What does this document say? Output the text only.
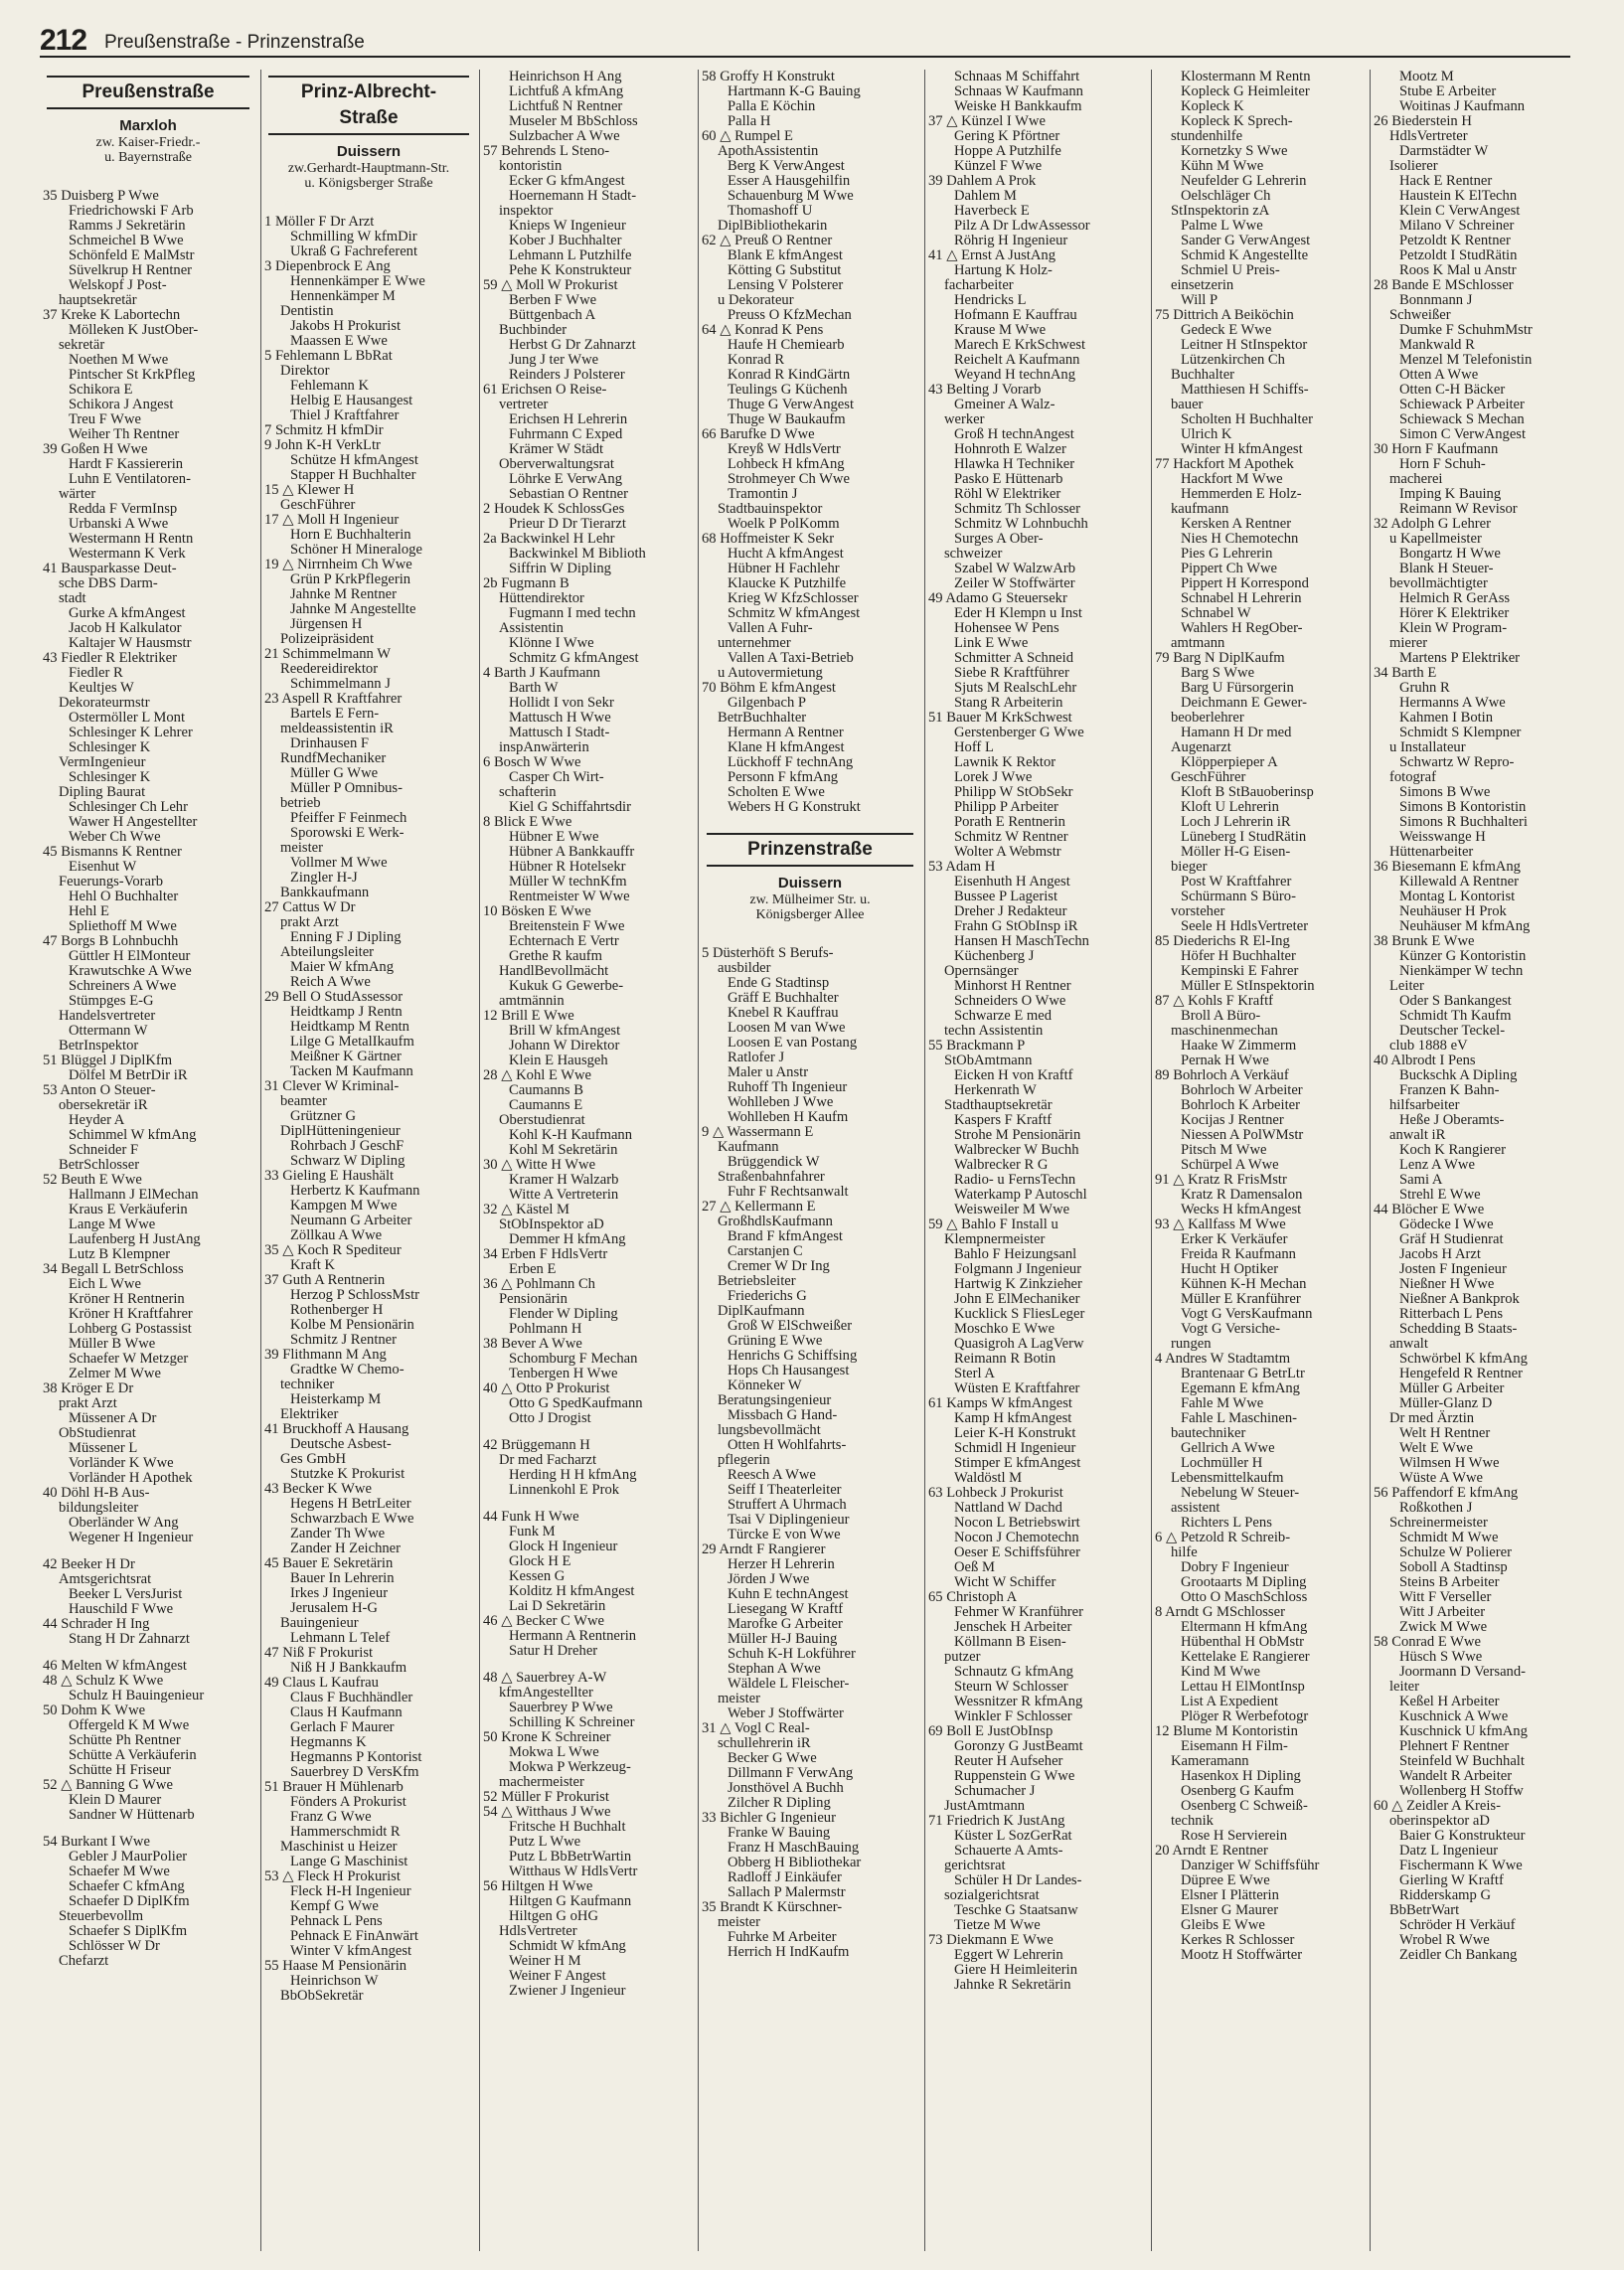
212 Preußenstraße - Prinzenstraße
Preußenstraße
Marxloh
zw. Kaiser-Friedr.-
u. Bayernstraße
35 Duisberg P Wwe
Friedrichowski F Arb
Ramms J Sekretärin
Schmeichel B Wwe
Schönfeld E MalMstr
Süvelkrup H Rentner
Welskopf J Post-
hauptsekretär
37 Kreke K Labortechn
Mölleken K JustOber-
sekretär
Noethen M Wwe
Pintscher St KrkPfleg
Schikora E
Schikora J Angest
Treu F Wwe
Weiher Th Rentner
39 Goßen H Wwe
Hardt F Kassiererin
Luhn E Ventilatoren-
wärter
Redda F VermInsp
Urbanski A Wwe
Westermann H Rentn
Westermann K Verk
41 Bausparkasse Deut-
sche DBS Darm-
stadt
Gurke A kfmAngest
Jacob H Kalkulator
Kaltajer W Hausmstr
43 Fiedler R Elektriker
Fiedler R
Keultjes W
Dekorateurmstr
Ostermöller L Mont
Schlesinger K Lehrer
Schlesinger K
VermIngenieur
Schlesinger K
Dipling Baurat
Schlesinger Ch Lehr
Wawer H Angestellter
Weber Ch Wwe
45 Bismanns K Rentner
Eisenhut W
Feuerungs-Vorarb
Hehl O Buchhalter
Hehl E
Spliethoff M Wwe
47 Borgs B Lohnbuchh
Güttler H ElMonteur
Krawutschke A Wwe
Schreiners A Wwe
Stümpges E-G
Handelsvertreter
Ottermann W
BetrInspektor
51 Blüggel J DiplKfm
Dölfel M BetrDir iR
53 Anton O Steuer-
obersekretär iR
Heyder A
Schimmel W kfmAng
Schneider F
BetrSchlosser
52 Beuth E Wwe
Hallmann J ElMechan
Kraus E Verkäuferin
Lange M Wwe
Laufenberg H JustAng
Lutz B Klempner
34 Begall L BetrSchloss
Eich L Wwe
Kröner H Rentnerin
Kröner H Kraftfahrer
Lohberg G Postassist
Müller B Wwe
Schaefer W Metzger
Zelmer M Wwe
38 Kröger E Dr
prakt Arzt
Müssener A Dr
ObStudienrat
Müssener L
Vorländer K Wwe
Vorländer H Apothek
40 Döhl H-B Aus-
bildungsleiter
Oberländer W Ang
Wegener H Ingenieur
42 Beeker H Dr
Amtsgerichtsrat
Beeker L VersJurist
Hauschild F Wwe
44 Schrader H Ing
Stang H Dr Zahnarzt
46 Melten W kfmAngest
48 △ Schulz K Wwe
Schulz H Bauingenieur
50 Dohm K Wwe
Offergeld K M Wwe
Schütte Ph Rentner
Schütte A Verkäuferin
Schütte H Friseur
52 △ Banning G Wwe
Klein D Maurer
Sandner W Hüttenarb
54 Burkant I Wwe
Gebler J MaurPolier
Schaefer M Wwe
Schaefer C kfmAng
Schaefer D DiplKfm
Steuerbevollm
Schaefer S DiplKfm
Schlösser W Dr
Chefarzt
Prinz-Albrecht-Straße
Duissern
zw.Gerhardt-Hauptmann-Str.
u. Königsberger Straße
1 Möller F Dr Arzt
Schmilling W kfmDir
Ukraß G Fachreferent
3 Diepenbrock E Ang
Hennenkämper E Wwe
Hennenkämper M
Dentistin
Jakobs H Prokurist
Maassen E Wwe
5 Fehlemann L BbRat
Direktor
Fehlemann K
Helbig E Hausangest
Thiel J Kraftfahrer
7 Schmitz H kfmDir
9 John K-H VerkLtr
Schütze H kfmAngest
Stapper H Buchhalter
15 △ Klewer H
GeschFührer
17 △ Moll H Ingenieur
Horn E Buchhalterin
Schöner H Mineraloge
19 △ Nirrnheim Ch Wwe
Grün P KrkPflegerin
Jahnke M Rentner
Jahnke M Angestellte
Jürgensen H
Polizeipräsident
21 Schimmelmann W
Reedereidirektor
Schimmelmann J
23 Aspell R Kraftfahrer
Bartels E Fern-
meldeassistentin iR
Drinhausen F
RundfMechaniker
Müller G Wwe
Müller P Omnibus-
betrieb
Pfeiffer F Feinmech
Sporowski E Werk-
meister
Vollmer M Wwe
Zingler H-J
Bankkaufmann
27 Cattus W Dr
prakt Arzt
Enning F J Dipling
Abteilungsleiter
Maier W kfmAng
Reich A Wwe
29 Bell O StudAssessor
Heidtkamp J Rentn
Heidtkamp M Rentn
Lilge G MetalIkaufm
Meißner K Gärtner
Tacken M Kaufmann
31 Clever W Kriminal-
beamter
Grützner G
DiplHütteningenieur
Rohrbach J GeschF
Schwarz W Dipling
33 Gieling E Haushält
Herbertz K Kaufmann
Kampgen M Wwe
Neumann G Arbeiter
Zöllkau A Wwe
35 △ Koch R Spediteur
Kraft K
37 Guth A Rentnerin
Herzog P SchlossMstr
Rothenberger H
Kolbe M Pensionärin
Schmitz J Rentner
39 Flithmann M Ang
Gradtke W Chemo-
techniker
Heisterkamp M
Elektriker
41 Bruckhoff A Hausang
Deutsche Asbest-
Ges GmbH
Stutzke K Prokurist
43 Becker K Wwe
Hegens H BetrLeiter
Schwarzbach E Wwe
Zander Th Wwe
Zander H Zeichner
45 Bauer E Sekretärin
Bauer In Lehrerin
Irkes J Ingenieur
Jerusalem H-G
Bauingenieur
Lehmann L Telef
47 Niß F Prokurist
Niß H J Bankkaufm
49 Claus L Kaufrau
Claus F Buchhändler
Claus H Kaufmann
Gerlach F Maurer
Hegmanns K
Hegmanns P Kontorist
Sauerbrey D VersKfm
51 Brauer H Mühlenarb
Fönders A Prokurist
Franz G Wwe
Hammerschmidt R
Maschinist u Heizer
Lange G Maschinist
53 △ Fleck H Prokurist
Fleck H-H Ingenieur
Kempf G Wwe
Pehnack L Pens
Pehnack E FinAnwärt
Winter V kfmAngest
55 Haase M Pensionärin
Heinrichson W
BbObSekretär
Heinrichson H Ang
Lichtfuß A kfmAng
Lichtfuß N Rentner
Museler M BbSchloss
Sulzbacher A Wwe
57 Behrends L Steno-
kontoristin
Ecker G kfmAngest
Hoernemann H Stadt-
inspektor
Knieps W Ingenieur
Kober J Buchhalter
Lehmann L Putzhilfe
Pehe K Konstrukteur
59 △ Moll W Prokurist
Berben F Wwe
Büttgenbach A
Buchbinder
Herbst G Dr Zahnarzt
Jung J ter Wwe
Reinders J Polsterer
61 Erichsen O Reise-
vertreter
Erichsen H Lehrerin
Fuhrmann C Exped
Krämer W Städt
Oberverwaltungsrat
Löhrke E VerwAng
Sebastian O Rentner
2 Houdek K SchlossGes
Prieur D Dr Tierarzt
2a Backwinkel H Lehr
Backwinkel M Biblioth
Siffrin W Dipling
2b Fugmann B
Hüttendirektor
Fugmann I med techn
Assistentin
Klönne I Wwe
Schmitz G kfmAngest
4 Barth J Kaufmann
Barth W
Hollidt I von Sekr
Mattusch H Wwe
Mattusch I Stadt-
inspAnwärterin
6 Bosch W Wwe
Casper Ch Wirt-
schafterin
Kiel G Schiffahrtsdir
8 Blick E Wwe
Hübner E Wwe
Hübner A Bankkauffr
Hübner R Hotelsekr
Müller W technKfm
Rentmeister W Wwe
10 Bösken E Wwe
Breitenstein F Wwe
Echternach E Vertr
Grethe R kaufm
HandlBevollmächt
Kukuk G Gewerbe-
amtmännin
12 Brill E Wwe
Brill W kfmAngest
Johann W Direktor
Klein E Hausgeh
28 △ Kohl E Wwe
Caumanns B
Caumanns E
Oberstudienrat
Kohl K-H Kaufmann
Kohl M Sekretärin
30 △ Witte H Wwe
Kramer H Walzarb
Witte A Vertreterin
32 △ Kästel M
StObInspektor aD
Demmer H kfmAng
34 Erben F HdlsVertr
Erben E
36 △ Pohlmann Ch
Pensionärin
Flender W Dipling
Pohlmann H
38 Bever A Wwe
Schomburg F Mechan
Tenbergen H Wwe
40 △ Otto P Prokurist
Otto G SpedKaufmann
Otto J Drogist
42 Brüggemann H
Dr med Facharzt
Herding H H kfmAng
Linnenkohl E Prok
44 Funk H Wwe
Funk M
Glock H Ingenieur
Glock H E
Kessen G
Kolditz H kfmAngest
Lai D Sekretärin
46 △ Becker C Wwe
Hermann A Rentnerin
Satur H Dreher
48 △ Sauerbrey A-W
kfmAngestellter
Sauerbrey P Wwe
Schilling K Schreiner
50 Krone K Schreiner
Mokwa L Wwe
Mokwa P Werkzeug-
machermeister
52 Müller F Prokurist
54 △ Witthaus J Wwe
Fritsche H Buchhalt
Putz L Wwe
Putz L BbBetrWartin
Witthaus W HdlsVertr
56 Hiltgen H Wwe
Hiltgen G Kaufmann
Hiltgen G oHG
HdlsVertreter
Schmidt W kfmAng
Weiner H M
Weiner F Angest
Zwiener J Ingenieur
58 Groffy H Konstrukt
Hartmann K-G Bauing
Palla E Köchin
Palla H
60 △ Rumpel E
ApothAssistentin
Berg K VerwAngest
Esser A Hausgehilfin
Schauenburg M Wwe
Thomashoff U
DiplBibliothekarin
62 △ Preuß O Rentner
Blank E kfmAngest
Kötting G Substitut
Lensing V Polsterer
u Dekorateur
Preuss O KfzMechan
64 △ Konrad K Pens
Haufe H Chemiearb
Konrad R
Konrad R KindGärtn
Teulings G Küchenh
Thuge G VerwAngest
Thuge W Baukaufm
66 Barufke D Wwe
Kreyß W HdlsVertr
Lohbeck H kfmAng
Strohmeyer Ch Wwe
Tramontin J
Stadtbauinspektor
Woelk P PolKomm
68 Hoffmeister K Sekr
Hucht A kfmAngest
Hübner H Fachlehr
Klaucke K Putzhilfe
Krieg W KfzSchlosser
Schmitz W kfmAngest
Vallen A Fuhr-
unternehmer
Vallen A Taxi-Betrieb
u Autovermietung
70 Böhm E kfmAngest
Gilgenbach P
BetrBuchhalter
Hermann A Rentner
Klane H kfmAngest
Lückhoff F technAng
Personn F kfmAng
Scholten E Wwe
Webers H G Konstrukt
Prinzenstraße
Duissern
zw. Mülheimer Str. u.
Königsberger Allee
5 Düsterhöft S Berufs-
ausbilder
Ende G Stadtinsp
Gräff E Buchhalter
Knebel R Kauffrau
Loosen M van Wwe
Loosen E van Postang
Ratlofer J
Maler u Anstr
Ruhoff Th Ingenieur
Wohlleben J Wwe
Wohlleben H Kaufm
9 △ Wassermann E
Kaufmann
Brüggendick W
Straßenbahnfahrer
Fuhr F Rechtsanwalt
27 △ Kellermann E
GroßhdlsKaufmann
Brand F kfmAngest
Carstanjen C
Cremer W Dr Ing
Betriebsleiter
Friederichs G
DiplKaufmann
Groß W ElSchweißer
Grüning E Wwe
Henrichs G Schiffsing
Hops Ch Hausangest
Könneker W
Beratungsingenieur
Missbach G Hand-
lungsbevollmächt
Otten H Wohlfahrts-
pflegerin
Reesch A Wwe
Seiff I Theaterleiter
Struffert A Uhrmach
Tsai V Diplingenieur
Türcke E von Wwe
29 Arndt F Rangierer
Herzer H Lehrerin
Jörden J Wwe
Kuhn E technAngest
Liesegang W Kraftf
Marofke G Arbeiter
Müller H-J Bauing
Schuh K-H Lokführer
Stephan A Wwe
Wäldele L Fleischer-
meister
Weber J Stoffwärter
31 △ Vogl C Real-
schullehrerin iR
Becker G Wwe
Dillmann F VerwAng
Jonsthövel A Buchh
Zilcher R Dipling
33 Bichler G Ingenieur
Franke W Bauing
Franz H MaschBauing
Obberg H Bibliothekar
Radloff J Einkäufer
Sallach P Malermstr
35 Brandt K Kürschner-
meister
Fuhrke M Arbeiter
Herrich H IndKaufm
Schnaas M Schiffahrt
Schnaas W Kaufmann
Weiske H Bankkaufm
37 △ Künzel I Wwe
Gering K Pförtner
Hoppe A Putzhilfe
Künzel F Wwe
39 Dahlem A Prok
Dahlem M
Haverbeck E
Pilz A Dr LdwAssessor
Röhrig H Ingenieur
41 △ Ernst A JustAng
Hartung K Holz-
facharbeiter
Hendricks L
Hofmann E Kauffrau
Krause M Wwe
Marech E KrkSchwest
Reichelt A Kaufmann
Weyand H technAng
43 Belting J Vorarb
Gmeiner A Walz-
werker
Groß H technAngest
Hohnroth E Walzer
Hlawka H Techniker
Pasko E Hüttenarb
Röhl W Elektriker
Schmitz Th Schlosser
Schmitz W Lohnbuchh
Surges A Ober-
schweizer
Szabel W WalzwArb
Zeiler W Stoffwärter
49 Adamo G Steuersekr
Eder H Klempn u Inst
Hohensee W Pens
Link E Wwe
Schmitter A Schneid
Siebe R Kraftführer
Sjuts M RealschLehr
Stang R Arbeiterin
51 Bauer M KrkSchwest
Gerstenberger G Wwe
Hoff L
Lawnik K Rektor
Lorek J Wwe
Philipp W StObSekr
Philipp P Arbeiter
Porath E Rentnerin
Schmitz W Rentner
Wolter A Webmstr
53 Adam H
Eisenhuth H Angest
Bussee P Lagerist
Dreher J Redakteur
Frahn G StObInsp iR
Hansen H MaschTechn
Küchenberg J
Opernsänger
Minhorst H Rentner
Schneiders O Wwe
Schwarze E med
techn Assistentin
55 Brackmann P
StObAmtmann
Eicken H von Kraftf
Herkenrath W
Stadthauptsekretär
Kaspers F Kraftf
Strohe M Pensionärin
Walbrecker W Buchh
Walbrecker R G
Radio- u FernsTechn
Waterkamp P Autoschl
Weisweiler M Wwe
59 △ Bahlo F Install u
Klempnermeister
Bahlo F Heizungsanl
Folgmann J Ingenieur
Hartwig K Zinkzieher
John E ElMechaniker
Kucklick S FliesLeger
Moschko E Wwe
Quasigroh A LagVerw
Reimann R Botin
Sterl A
Wüsten E Kraftfahrer
61 Kamps W kfmAngest
Kamp H kfmAngest
Leier K-H Konstrukt
Schmidl H Ingenieur
Stimper E kfmAngest
Waldöstl M
63 Lohbeck J Prokurist
Nattland W Dachd
Nocon L Betriebswirt
Nocon J Chemotechn
Oeser E Schiffsführer
Oeß M
Wicht W Schiffer
65 Christoph A
Fehmer W Kranführer
Jenschek H Arbeiter
Köllmann B Eisen-
putzer
Schnautz G kfmAng
Steurn W Schlosser
Wessnitzer R kfmAng
Winkler F Schlosser
69 Boll E JustObInsp
Goronzy G JustBeamt
Reuter H Aufseher
Ruppenstein G Wwe
Schumacher J
JustAmtmann
71 Friedrich K JustAng
Küster L SozGerRat
Schauerte A Amts-
gerichtsrat
Schüler H Dr Landes-
sozialgerichtsrat
Teschke G Staatsanw
Tietze M Wwe
73 Diekmann E Wwe
Eggert W Lehrerin
Giere H Heimleiterin
Jahnke R Sekretärin
Klostermann M Rentn
Kopleck G Heimleiter
Kopleck K
Kopleck K Sprech-
stundenhilfe
Kornetzky S Wwe
Kühn M Wwe
Neufelder G Lehrerin
Oelschläger Ch
StInspektorin zA
Palme L Wwe
Sander G VerwAngest
Schmid K Angestellte
Schmiel U Preis-
einsetzerin
Will P
75 Dittrich A Beiköchin
Gedeck E Wwe
Leitner H StInspektor
Lützenkirchen Ch
Buchhalter
Matthiesen H Schiffs-
bauer
Scholten H Buchhalter
Ulrich K
Winter H kfmAngest
77 Hackfort M Apothek
Hackfort M Wwe
Hemmerden E Holz-
kaufmann
Kersken A Rentner
Nies H Chemotechn
Pies G Lehrerin
Pippert Ch Wwe
Pippert H Korrespond
Schnabel H Lehrerin
Schnabel W
Wahlers H RegOber-
amtmann
79 Barg N DiplKaufm
Barg S Wwe
Barg U Fürsorgerin
Deichmann E Gewer-
beoberlehrer
Hamann H Dr med
Augenarzt
Klöpperpieper A
GeschFührer
Kloft B StBauoberinsp
Kloft U Lehrerin
Loch J Lehrerin iR
Lüneberg I StudRätin
Möller H-G Eisen-
bieger
Post W Kraftfahrer
Schürmann S Büro-
vorsteher
Seele H HdlsVertreter
85 Diederichs R El-Ing
Höfer H Buchhalter
Kempinski E Fahrer
Müller E StInspektorin
87 △ Kohls F Kraftf
Broll A Büro-
maschinenmechan
Haake W Zimmerm
Pernak H Wwe
89 Bohrloch A Verkäuf
Bohrloch W Arbeiter
Bohrloch K Arbeiter
Kocijas J Rentner
Niessen A PolWMstr
Pitsch M Wwe
Schürpel A Wwe
91 △ Kratz R FrisMstr
Kratz R Damensalon
Wecks H kfmAngest
93 △ Kallfass M Wwe
Erker K Verkäufer
Freida R Kaufmann
Hucht H Optiker
Kühnen K-H Mechan
Müller E Kranführer
Vogt G VersKaufmann
Vogt G Versiche-
rungen
4 Andres W Stadtamtm
Brantenaar G BetrLtr
Egemann E kfmAng
Fahle M Wwe
Fahle L Maschinen-
bautechniker
Gellrich A Wwe
Lochmüller H
Lebensmittelkaufm
Nebelung W Steuer-
assistent
Richters L Pens
6 △ Petzold R Schreib-
hilfe
Dobry F Ingenieur
Grootaarts M Dipling
Otto O MaschSchloss
8 Arndt G MSchlosser
Eltermann H kfmAng
Hübenthal H ObMstr
Kettelake E Rangierer
Kind M Wwe
Lettau H ElMontInsp
List A Expedient
Plöger R Werbefotogr
12 Blume M Kontoristin
Eisemann H Film-
Kameramann
Hasenkox H Dipling
Osenberg G Kaufm
Osenberg C Schweiß-
technik
Rose H Servierein
20 Arndt E Rentner
Danziger W Schiffsführ
Düpree E Wwe
Elsner I Plätterin
Elsner G Maurer
Gleibs E Wwe
Kerkes R Schlosser
Mootz H Stoffwärter
Mootz M
Stube E Arbeiter
Woitinas J Kaufmann
26 Biederstein H
HdlsVertreter
Darmstädter W
Isolierer
Hack E Rentner
Haustein K ElTechn
Klein C VerwAngest
Milano V Schreiner
Petzoldt K Rentner
Petzoldt I StudRätin
Roos K Mal u Anstr
28 Bande E MSchlosser
Bonnmann J
Schweißer
Dumke F SchuhmMstr
Mankwald R
Menzel M Telefonistin
Otten A Wwe
Otten C-H Bäcker
Schiewack P Arbeiter
Schiewack S Mechan
Simon C VerwAngest
30 Horn F Kaufmann
Horn F Schuh-
macherei
Imping K Bauing
Reimann W Revisor
32 Adolph G Lehrer
u Kapellmeister
Bongartz H Wwe
Blank H Steuer-
bevollmächtigter
Helmich R GerAss
Hörer K Elektriker
Klein W Program-
mierer
Martens P Elektriker
34 Barth E
Gruhn R
Hermanns A Wwe
Kahmen I Botin
Schmidt S Klempner
u Installateur
Schwartz W Repro-
fotograf
Simons B Wwe
Simons B Kontoristin
Simons R Buchhalteri
Weisswange H
Hüttenarbeiter
36 Biesemann E kfmAng
Killewald A Rentner
Montag L Kontorist
Neuhäuser H Prok
Neuhäuser M kfmAng
38 Brunk E Wwe
Künzer G Kontoristin
Nienkämper W techn
Leiter
Oder S Bankangest
Schmidt Th Kaufm
Deutscher Teckel-
club 1888 eV
40 Albrodt I Pens
Buckschk A Dipling
Franzen K Bahn-
hilfsarbeiter
Heße J Oberamts-
anwalt iR
Koch K Rangierer
Lenz A Wwe
Sami A
Strehl E Wwe
44 Blöcher E Wwe
Gödecke I Wwe
Gräf H Studienrat
Jacobs H Arzt
Josten F Ingenieur
Nießner H Wwe
Nießner A Bankprok
Ritterbach L Pens
Schedding B Staats-
anwalt
Schwörbel K kfmAng
Hengefeld R Rentner
Müller G Arbeiter
Müller-Glanz D
Dr med Ärztin
Welt H Rentner
Welt E Wwe
Wilmsen H Wwe
Wüste A Wwe
56 Paffendorf E kfmAng
Roßkothen J
Schreinermeister
Schmidt M Wwe
Schulze W Polierer
Soboll A Stadtinsp
Steins B Arbeiter
Witt F Verseller
Witt J Arbeiter
Zwick M Wwe
58 Conrad E Wwe
Hüsch S Wwe
Joormann D Versand-
leiter
Keßel H Arbeiter
Kuschnick A Wwe
Kuschnick U kfmAng
Plehnert F Rentner
Steinfeld W Buchhalt
Wandelt R Arbeiter
Wollenberg H Stoffw
60 △ Zeidler A Kreis-
oberinspektor aD
Baier G Konstrukteur
Datz L Ingenieur
Fischermann K Wwe
Gierling W Kraftf
Ridderskamp G
BbBetrWart
Schröder H Verkäuf
Wrobel R Wwe
Zeidler Ch Bankang
